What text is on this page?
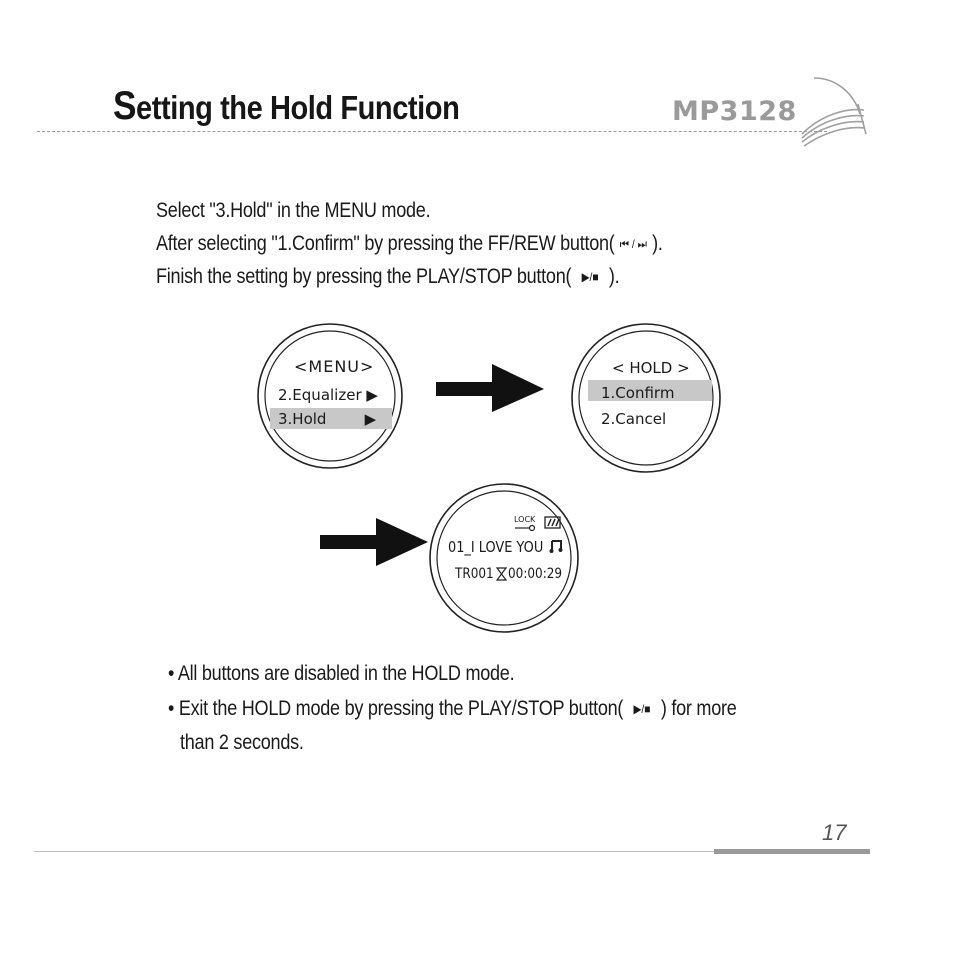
Setting the Hold Function	MP3128
Select "3.Hold" in the MENU mode.
After selecting "1.Confirm" by pressing the FF/REW button( ⏮ / ⏭ ).
Finish the setting by pressing the PLAY/STOP button( ▶/■ ).
<MENU>
2.Equalizer ▶
3.Hold        ▶
< HOLD >
1.Confirm
2.Cancel
LOCK
01_I LOVE YOU
TR001 00:00:29
• All buttons are disabled in the HOLD mode.
• Exit the HOLD mode by pressing the PLAY/STOP button( ▶/■ ) for more
than 2 seconds.
17
